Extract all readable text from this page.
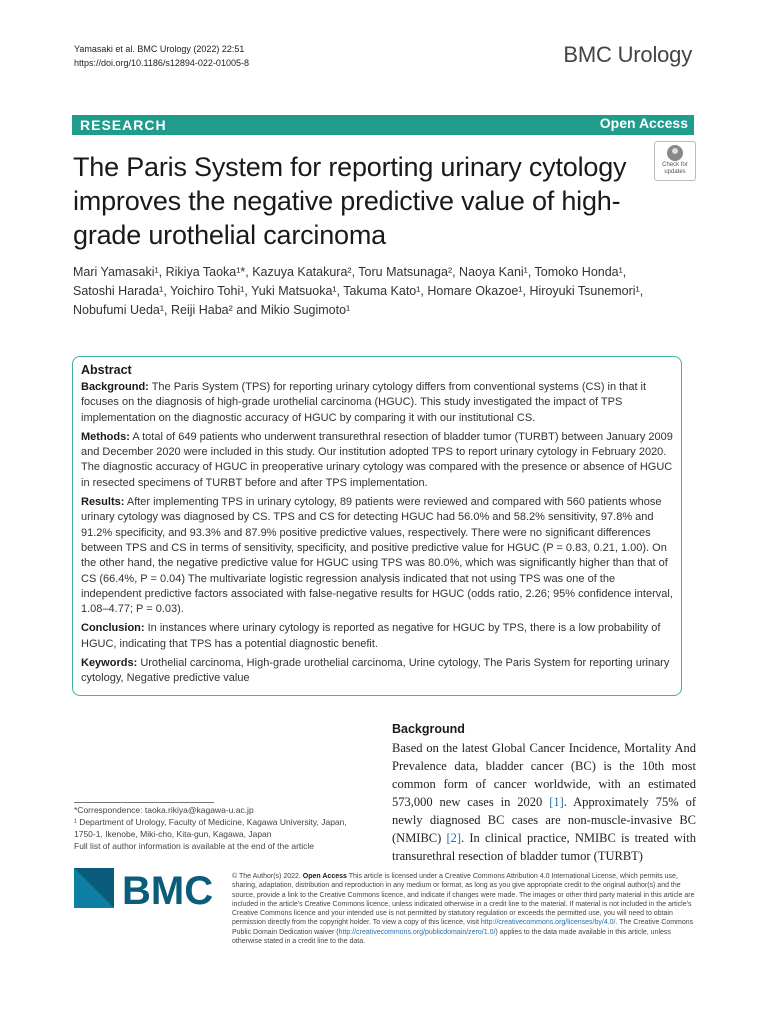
Yamasaki et al. BMC Urology (2022) 22:51
https://doi.org/10.1186/s12894-022-01005-8	BMC Urology
RESEARCH	Open Access
The Paris System for reporting urinary cytology improves the negative predictive value of high-grade urothelial carcinoma
Check for
updates
Mari Yamasaki¹, Rikiya Taoka¹*, Kazuya Katakura², Toru Matsunaga², Naoya Kani¹, Tomoko Honda¹,
Satoshi Harada¹, Yoichiro Tohi¹, Yuki Matsuoka¹, Takuma Kato¹, Homare Okazoe¹, Hiroyuki Tsunemori¹,
Nobufumi Ueda¹, Reiji Haba² and Mikio Sugimoto¹
Abstract

Background: The Paris System (TPS) for reporting urinary cytology differs from conventional systems (CS) in that it focuses on the diagnosis of high-grade urothelial carcinoma (HGUC). This study investigated the impact of TPS implementation on the diagnostic accuracy of HGUC by comparing it with our institutional CS.

Methods: A total of 649 patients who underwent transurethral resection of bladder tumor (TURBT) between January 2009 and December 2020 were included in this study. Our institution adopted TPS to report urinary cytology in February 2020. The diagnostic accuracy of HGUC in preoperative urinary cytology was compared with the presence or absence of HGUC in resected specimens of TURBT before and after TPS implementation.

Results: After implementing TPS in urinary cytology, 89 patients were reviewed and compared with 560 patients whose urinary cytology was diagnosed by CS. TPS and CS for detecting HGUC had 56.0% and 58.2% sensitivity, 97.8% and 91.2% specificity, and 93.3% and 87.9% positive predictive values, respectively. There were no significant differences between TPS and CS in terms of sensitivity, specificity, and positive predictive value for HGUC (P = 0.83, 0.21, 1.00). On the other hand, the negative predictive value for HGUC using TPS was 80.0%, which was significantly higher than that of CS (66.4%, P = 0.04) The multivariate logistic regression analysis indicated that not using TPS was one of the independent predictive factors associated with false-negative results for HGUC (odds ratio, 2.26; 95% confidence interval, 1.08–4.77; P = 0.03).

Conclusion: In instances where urinary cytology is reported as negative for HGUC by TPS, there is a low probability of HGUC, indicating that TPS has a potential diagnostic benefit.

Keywords: Urothelial carcinoma, High-grade urothelial carcinoma, Urine cytology, The Paris System for reporting urinary cytology, Negative predictive value

Background
Based on the latest Global Cancer Incidence, Mortality And Prevalence data, bladder cancer (BC) is the 10th most common form of cancer worldwide, with an estimated 573,000 new cases in 2020 [1]. Approximately 75% of newly diagnosed BC cases are non-muscle-invasive BC (NMIBC) [2]. In clinical practice, NMIBC is treated with transurethral resection of bladder tumor (TURBT)
*Correspondence: taoka.rikiya@kagawa-u.ac.jp
¹ Department of Urology, Faculty of Medicine, Kagawa University, Japan,
1750-1, Ikenobe, Miki-cho, Kita-gun, Kagawa, Japan
Full list of author information is available at the end of the article
BMC	© The Author(s) 2022. Open Access This article is licensed under a Creative Commons Attribution 4.0 International License, which permits use, sharing, adaptation, distribution and reproduction in any medium or format, as long as you give appropriate credit to the original author(s) and the source, provide a link to the Creative Commons licence, and indicate if changes were made. The images or other third party material in this article are included in the article's Creative Commons licence, unless indicated otherwise in a credit line to the material. If material is not included in the article's Creative Commons licence and your intended use is not permitted by statutory regulation or exceeds the permitted use, you will need to obtain permission directly from the copyright holder. To view a copy of this licence, visit http://creativecommons.org/licenses/by/4.0/. The Creative Commons Public Domain Dedication waiver (http://creativecommons.org/publicdomain/zero/1.0/) applies to the data made available in this article, unless otherwise stated in a credit line to the data.
